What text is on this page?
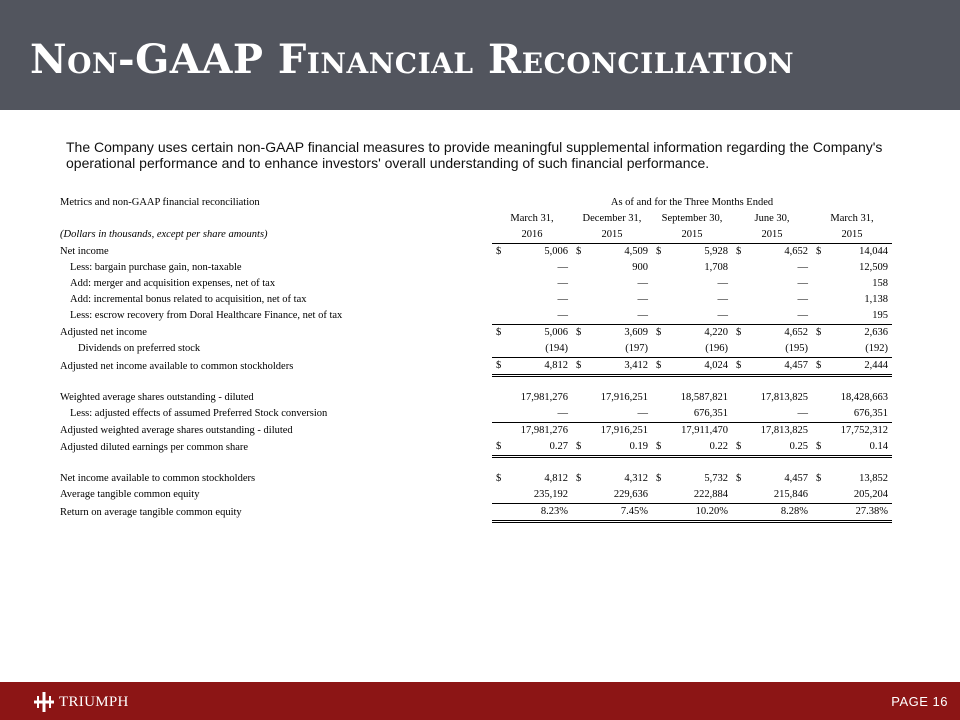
Non-GAAP Financial Reconciliation

The Company uses certain non-GAAP financial measures to provide meaningful supplemental information regarding the Company's operational performance and to enhance investors' overall understanding of such financial performance.

Metrics and non-GAAP financial reconciliation	As of and for the Three Months Ended				
	March 31,	December 31,	September 30,	June 30,	March 31,
(Dollars in thousands, except per share amounts)	2016	2015	2015	2015	2015
Net income	$ 5,006	$ 4,509	$ 5,928	$ 4,652	$ 14,044

Less: bargain purchase gain, non-taxable	—	900	1,708	—	12,509

Add: merger and acquisition expenses, net of tax	—	—	—	—	158

Add: incremental bonus related to acquisition, net of tax	—	—	—	—	1,138

Less: escrow recovery from Doral Healthcare Finance, net of tax	—	—	—	—	195

Adjusted net income	$ 5,006	$ 3,609	$ 4,220	$ 4,652	$ 2,636

Dividends on preferred stock	(194)	(197)	(196)	(195)	(192)

Adjusted net income available to common stockholders	$ 4,812	$ 3,412	$ 4,024	$ 4,457	$ 2,444

Weighted average shares outstanding - diluted	17,981,276	17,916,251	18,587,821	17,813,825	18,428,663

Less: adjusted effects of assumed Preferred Stock conversion	—	—	676,351	—	676,351

Adjusted weighted average shares outstanding - diluted	17,981,276	17,916,251	17,911,470	17,813,825	17,752,312

Adjusted diluted earnings per common share	$ 0.27	$ 0.19	$ 0.22	$ 0.25	$ 0.14

Net income available to common stockholders	$ 4,812	$ 4,312	$ 5,732	$ 4,457	$ 13,852

Average tangible common equity	235,192	229,636	222,884	215,846	205,204

Return on average tangible common equity	8.23%	7.45%	10.20%	8.28%	27.38%
TRIUMPH	PAGE 16
